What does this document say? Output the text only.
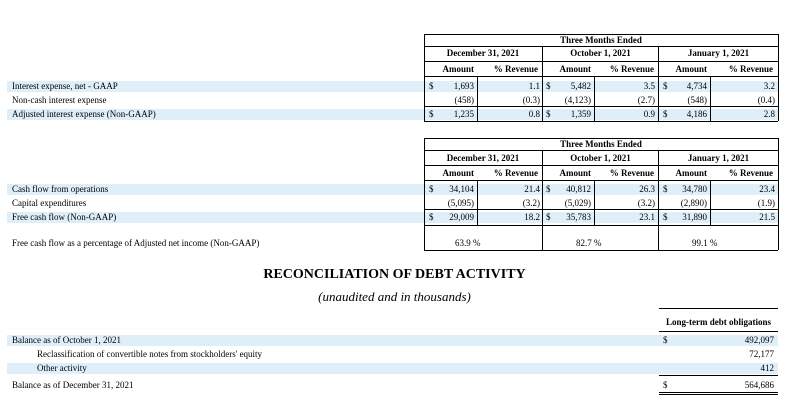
Three Months Ended
December 31, 2021	October 1, 2021	January 1, 2021
Amount	% Revenue	Amount	% Revenue	Amount	% Revenue
Interest expense, net - GAAP	$	1,693	1.1 $	5,482	3.5 $	4,734	3.2
Non-cash interest expense	(458)	(0.3)	(4,123)	(2.7)	(548)	(0.4)
Adjusted interest expense (Non-GAAP)	$	1,235	0.8 $	1,359	0.9 $	4,186	2.8
Three Months Ended
December 31, 2021	October 1, 2021	January 1, 2021
Amount	% Revenue	Amount	% Revenue	Amount	% Revenue
Cash flow from operations	$	34,104	21.4 $	40,812	26.3 $	34,780	23.4
Capital expenditures	(5,095)	(3.2)	(5,029)	(3.2)	(2,890)	(1.9)
Free cash flow (Non-GAAP)	$	29,009	18.2 $	35,783	23.1 $	31,890	21.5
Free cash flow as a percentage of Adjusted net income (Non-GAAP)	63.9 %	82.7 %	99.1 %
RECONCILIATION OF DEBT ACTIVITY
(unaudited and in thousands)
Long-term debt obligations
Balance as of October 1, 2021	$	492,097
Reclassification of convertible notes from stockholders' equity	72,177
Other activity	412
Balance as of December 31, 2021	$	564,686
